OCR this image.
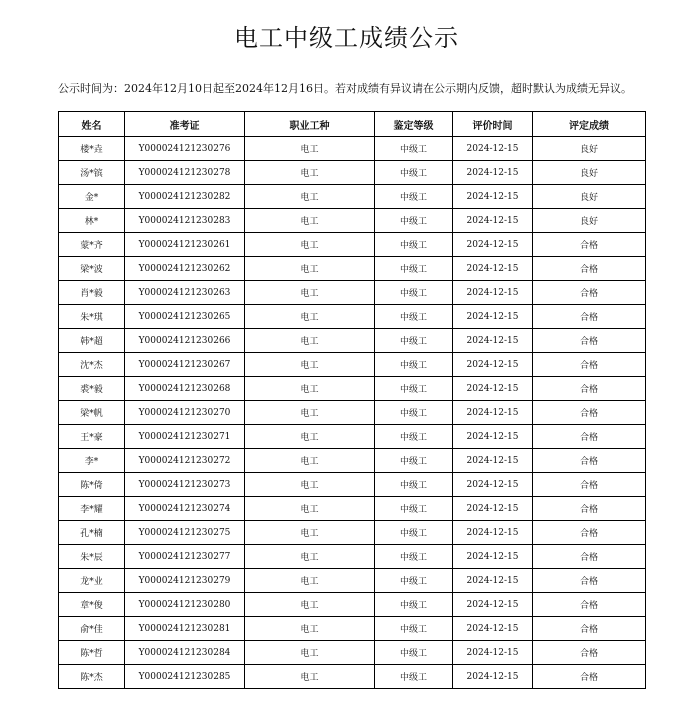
电工中级工成绩公示
公示时间为：2024年12月10日起至2024年12月16日。若对成绩有异议请在公示期内反馈，超时默认为成绩无异议。
姓名	准考证	职业工种	鉴定等级	评价时间	评定成绩
楼*垚	Y000024121230276	电工	中级工	2024-12-15	良好
汤*镔	Y000024121230278	电工	中级工	2024-12-15	良好
金*	Y000024121230282	电工	中级工	2024-12-15	良好
林*	Y000024121230283	电工	中级工	2024-12-15	良好
蒙*齐	Y000024121230261	电工	中级工	2024-12-15	合格
梁*波	Y000024121230262	电工	中级工	2024-12-15	合格
肖*毅	Y000024121230263	电工	中级工	2024-12-15	合格
朱*琪	Y000024121230265	电工	中级工	2024-12-15	合格
韩*超	Y000024121230266	电工	中级工	2024-12-15	合格
沈*杰	Y000024121230267	电工	中级工	2024-12-15	合格
裘*毅	Y000024121230268	电工	中级工	2024-12-15	合格
梁*帆	Y000024121230270	电工	中级工	2024-12-15	合格
王*豪	Y000024121230271	电工	中级工	2024-12-15	合格
李*	Y000024121230272	电工	中级工	2024-12-15	合格
陈*倚	Y000024121230273	电工	中级工	2024-12-15	合格
李*耀	Y000024121230274	电工	中级工	2024-12-15	合格
孔*楠	Y000024121230275	电工	中级工	2024-12-15	合格
朱*辰	Y000024121230277	电工	中级工	2024-12-15	合格
龙*业	Y000024121230279	电工	中级工	2024-12-15	合格
章*俊	Y000024121230280	电工	中级工	2024-12-15	合格
俞*佳	Y000024121230281	电工	中级工	2024-12-15	合格
陈*哲	Y000024121230284	电工	中级工	2024-12-15	合格
陈*杰	Y000024121230285	电工	中级工	2024-12-15	合格
